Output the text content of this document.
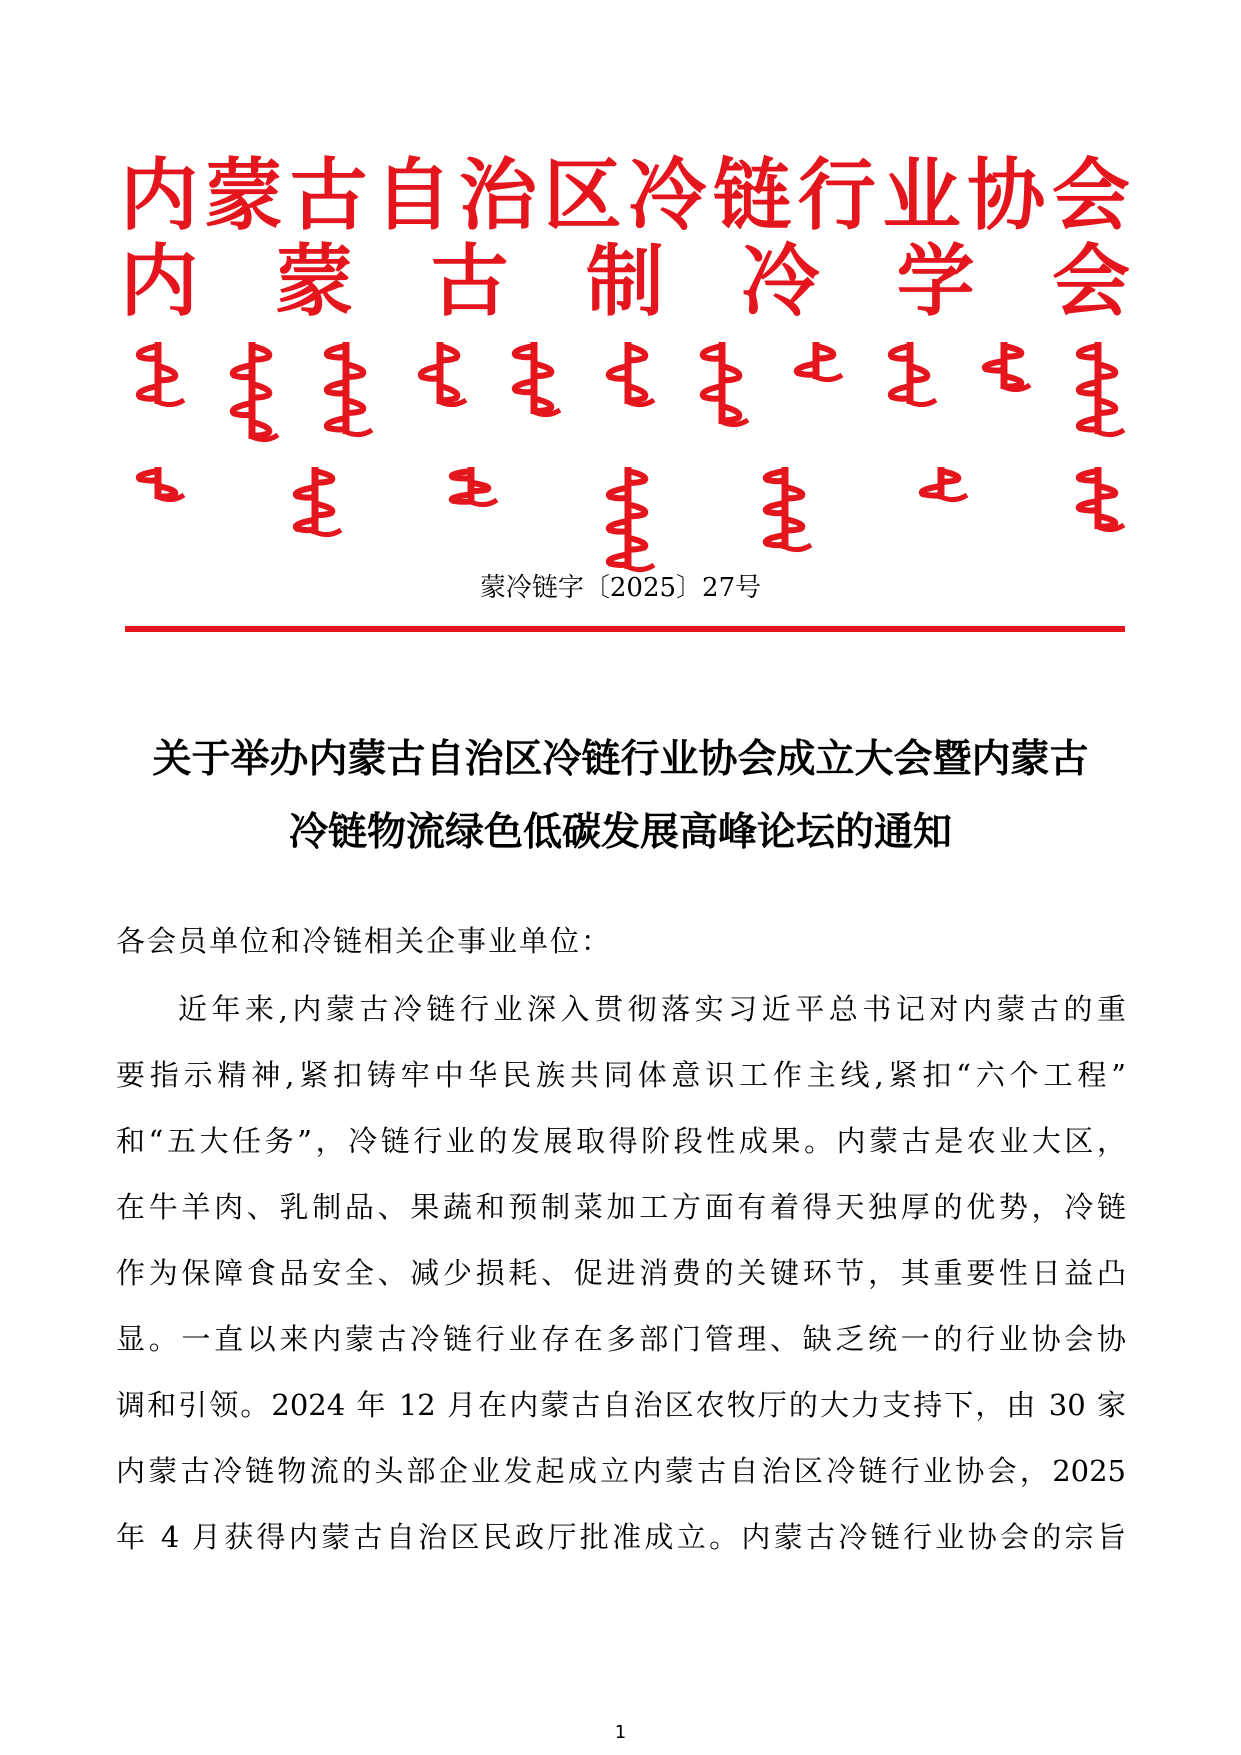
内 蒙 古 自 治 区 冷 链 行 业 协 会
内 蒙 古 制 冷 学 会
蒙冷链字〔2025〕27号
关于举办内蒙古自治区冷链行业协会成立大会暨内蒙古
冷链物流绿色低碳发展高峰论坛的通知
各会员单位和冷链相关企事业单位：
近年来,内蒙古冷链行业深入贯彻落实习近平总书记对内蒙古的重
要指示精神,紧扣铸牢中华民族共同体意识工作主线,紧扣“六个工程”
和“五大任务”，冷链行业的发展取得阶段性成果。内蒙古是农业大区，
在牛羊肉、乳制品、果蔬和预制菜加工方面有着得天独厚的优势，冷链
作为保障食品安全、减少损耗、促进消费的关键环节，其重要性日益凸
显。一直以来内蒙古冷链行业存在多部门管理、缺乏统一的行业协会协
调和引领。2024 年 12 月在内蒙古自治区农牧厅的大力支持下，由 30 家
内蒙古冷链物流的头部企业发起成立内蒙古自治区冷链行业协会，2025
年 4 月获得内蒙古自治区民政厅批准成立。内蒙古冷链行业协会的宗旨
1
